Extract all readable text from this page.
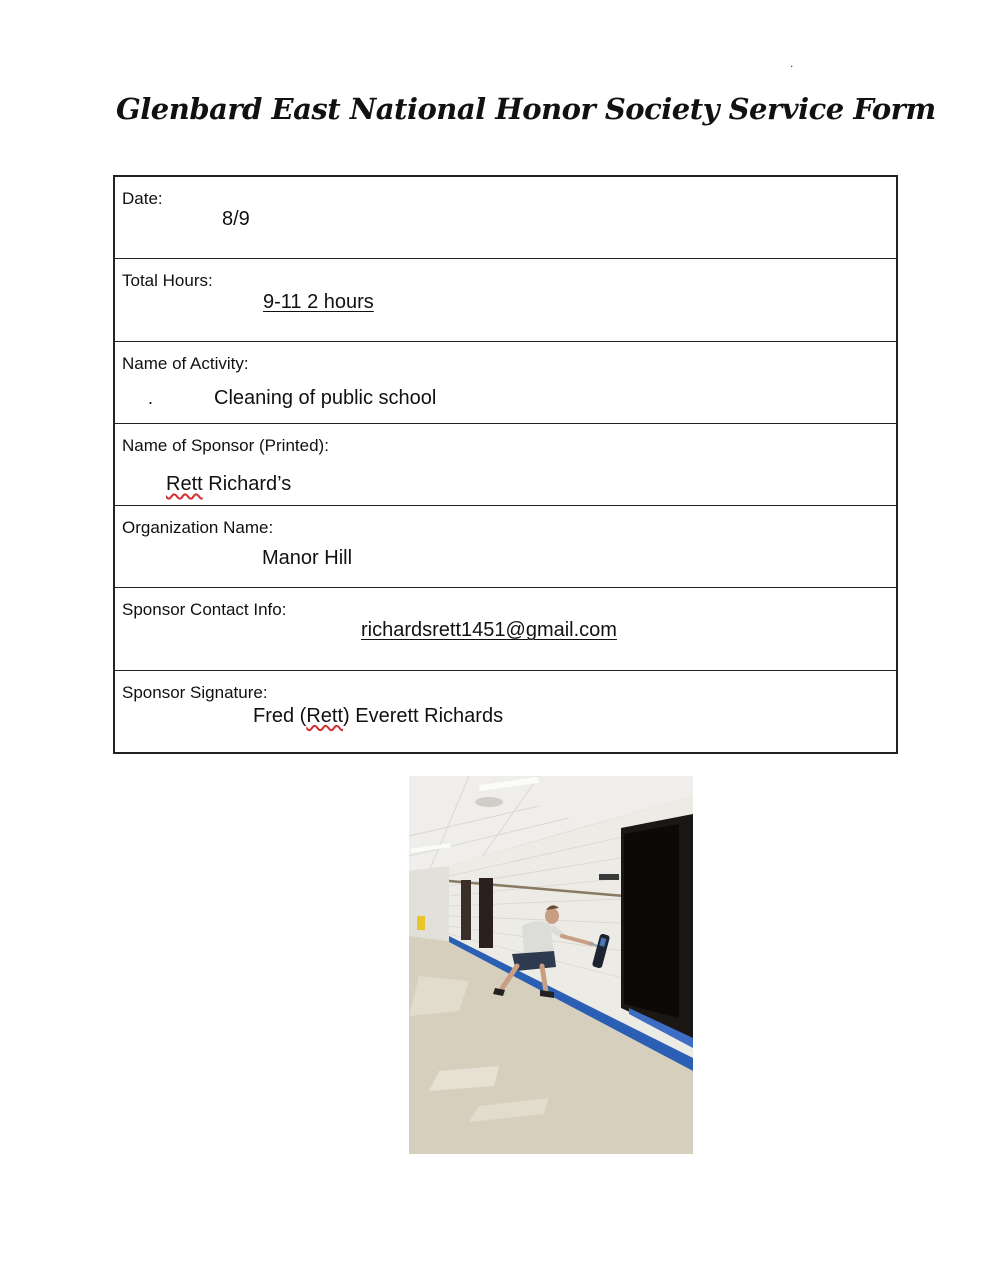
.
Glenbard East National Honor Society Service Form
Date:
8/9
Total Hours:
9-11 2 hours
Name of Activity:
.	Cleaning of public school
Name of Sponsor (Printed):
Rett Richard’s
Organization Name:
Manor Hill
Sponsor Contact Info:
richardsrett1451@gmail.com
Sponsor Signature:
Fred (Rett) Everett Richards
